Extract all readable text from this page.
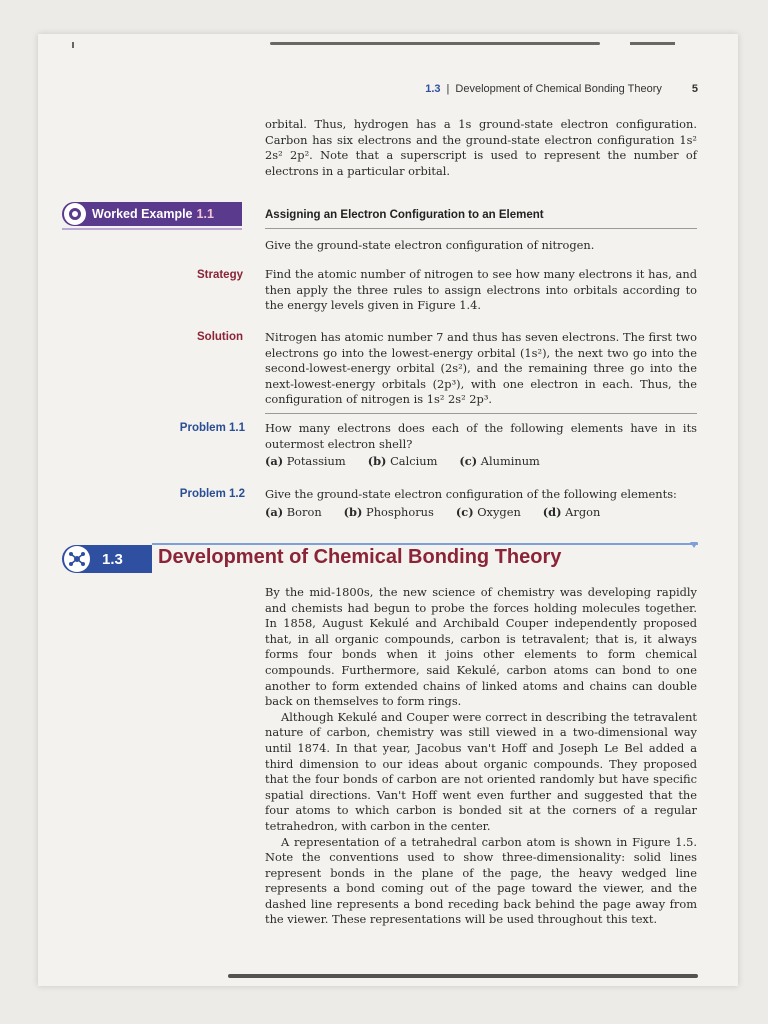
1.3 | Development of Chemical Bonding Theory	5
orbital. Thus, hydrogen has a 1s ground-state electron configuration. Carbon has six electrons and the ground-state electron configuration 1s² 2s² 2p². Note that a superscript is used to represent the number of electrons in a particular orbital.
Worked Example 1.1	Assigning an Electron Configuration to an Element
Give the ground-state electron configuration of nitrogen.
Strategy Find the atomic number of nitrogen to see how many electrons it has, and then apply the three rules to assign electrons into orbitals according to the energy levels given in Figure 1.4.
Solution Nitrogen has atomic number 7 and thus has seven electrons. The first two electrons go into the lowest-energy orbital (1s²), the next two go into the second-lowest-energy orbital (2s²), and the remaining three go into the next-lowest-energy orbitals (2p³), with one electron in each. Thus, the configuration of nitrogen is 1s² 2s² 2p³.
Problem 1.1 How many electrons does each of the following elements have in its outermost electron shell?

(a) Potassium (b) Calcium (c) Aluminum
Problem 1.2 Give the ground-state electron configuration of the following elements:

(a) Boron (b) Phosphorus (c) Oxygen (d) Argon
1.3 Development of Chemical Bonding Theory

By the mid-1800s, the new science of chemistry was developing rapidly and chemists had begun to probe the forces holding molecules together. In 1858, August Kekulé and Archibald Couper independently proposed that, in all organic compounds, carbon is tetravalent; that is, it always forms four bonds when it joins other elements to form chemical compounds. Furthermore, said Kekulé, carbon atoms can bond to one another to form extended chains of linked atoms and chains can double back on themselves to form rings.

Although Kekulé and Couper were correct in describing the tetravalent nature of carbon, chemistry was still viewed in a two-dimensional way until 1874. In that year, Jacobus van't Hoff and Joseph Le Bel added a third dimension to our ideas about organic compounds. They proposed that the four bonds of carbon are not oriented randomly but have specific spatial directions. Van't Hoff went even further and suggested that the four atoms to which carbon is bonded sit at the corners of a regular tetrahedron, with carbon in the center.

A representation of a tetrahedral carbon atom is shown in Figure 1.5. Note the conventions used to show three-dimensionality: solid lines represent bonds in the plane of the page, the heavy wedged line represents a bond coming out of the page toward the viewer, and the dashed line represents a bond receding back behind the page away from the viewer. These representations will be used throughout this text.
